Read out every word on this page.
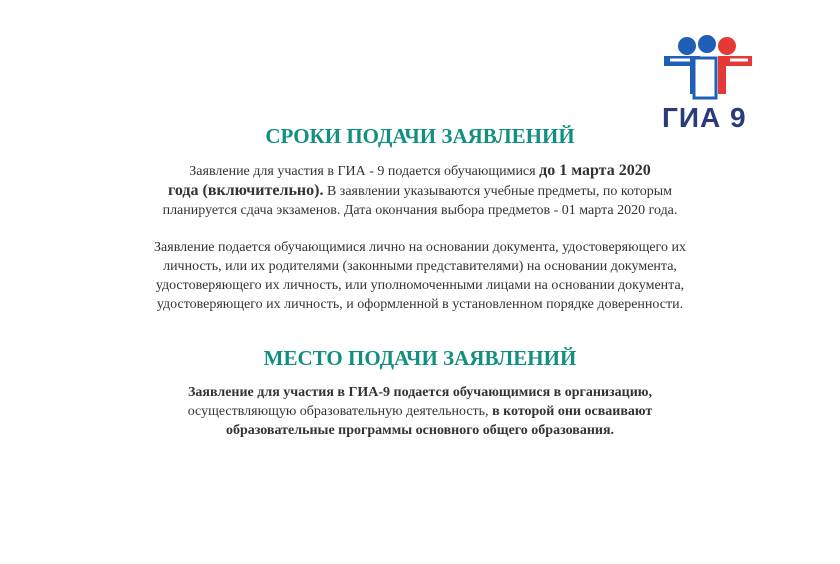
ГИА 9
СРОКИ ПОДАЧИ ЗАЯВЛЕНИЙ

Заявление для участия в ГИА - 9 подается обучающимися до 1 марта 2020
года (включительно). В заявлении указываются учебные предметы, по которым
планируется сдача экзаменов. Дата окончания выбора предметов - 01 марта 2020 года.

Заявление подается обучающимися лично на основании документа, удостоверяющего их
личность, или их родителями (законными представителями) на основании документа,
удостоверяющего их личность, или уполномоченными лицами на основании документа,
удостоверяющего их личность, и оформленной в установленном порядке доверенности.

МЕСТО ПОДАЧИ ЗАЯВЛЕНИЙ

Заявление для участия в ГИА-9 подается обучающимися в организацию,
осуществляющую образовательную деятельность, в которой они осваивают
образовательные программы основного общего образования.
